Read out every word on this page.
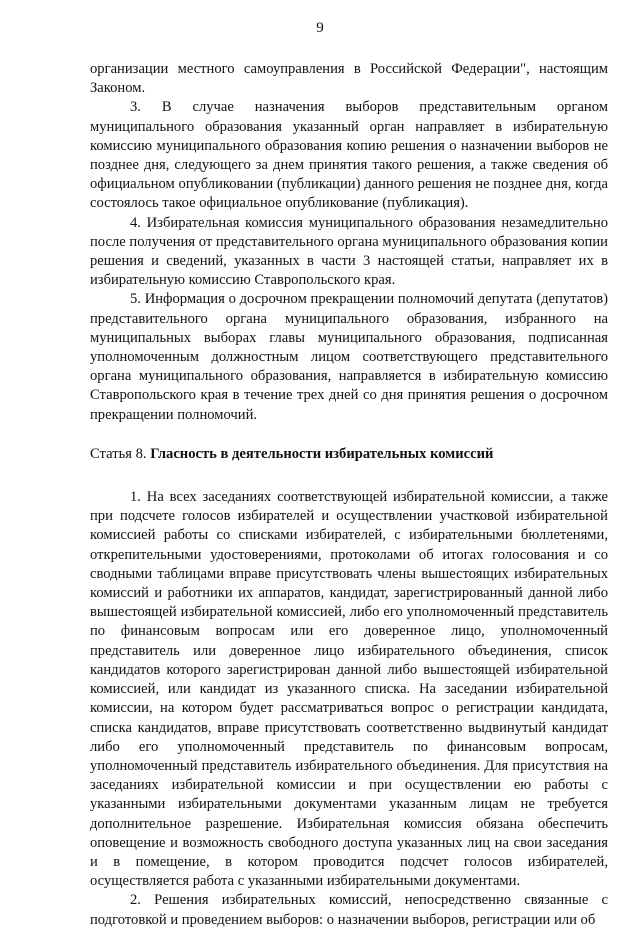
9

организации местного самоуправления в Российской Федерации", настоящим Законом.

3. В случае назначения выборов представительным органом муниципального образования указанный орган направляет в избирательную комиссию муниципального образования копию решения о назначении выборов не позднее дня, следующего за днем принятия такого решения, а также сведения об официальном опубликовании (публикации) данного решения не позднее дня, когда состоялось такое официальное опубликование (публикация).

4. Избирательная комиссия муниципального образования незамедлительно после получения от представительного органа муниципального образования копии решения и сведений, указанных в части 3 настоящей статьи, направляет их в избирательную комиссию Ставропольского края.

5. Информация о досрочном прекращении полномочий депутата (депутатов) представительного органа муниципального образования, избранного на муниципальных выборах главы муниципального образования, подписанная уполномоченным должностным лицом соответствующего представительного органа муниципального образования, направляется в избирательную комиссию Ставропольского края в течение трех дней со дня принятия решения о досрочном прекращении полномочий.

Статья 8. Гласность в деятельности избирательных комиссий

1. На всех заседаниях соответствующей избирательной комиссии, а также при подсчете голосов избирателей и осуществлении участковой избирательной комиссией работы со списками избирателей, с избирательными бюллетенями, открепительными удостоверениями, протоколами об итогах голосования и со сводными таблицами вправе присутствовать члены вышестоящих избирательных комиссий и работники их аппаратов, кандидат, зарегистрированный данной либо вышестоящей избирательной комиссией, либо его уполномоченный представитель по финансовым вопросам или его доверенное лицо, уполномоченный представитель или доверенное лицо избирательного объединения, список кандидатов которого зарегистрирован данной либо вышестоящей избирательной комиссией, или кандидат из указанного списка. На заседании избирательной комиссии, на котором будет рассматриваться вопрос о регистрации кандидата, списка кандидатов, вправе присутствовать соответственно выдвинутый кандидат либо его уполномоченный представитель по финансовым вопросам, уполномоченный представитель избирательного объединения. Для присутствия на заседаниях избирательной комиссии и при осуществлении ею работы с указанными избирательными документами указанным лицам не требуется дополнительное разрешение. Избирательная комиссия обязана обеспечить оповещение и возможность свободного доступа указанных лиц на свои заседания и в помещение, в котором проводится подсчет голосов избирателей, осуществляется работа с указанными избирательными документами.

2. Решения избирательных комиссий, непосредственно связанные с подготовкой и проведением выборов: о назначении выборов, регистрации или об
